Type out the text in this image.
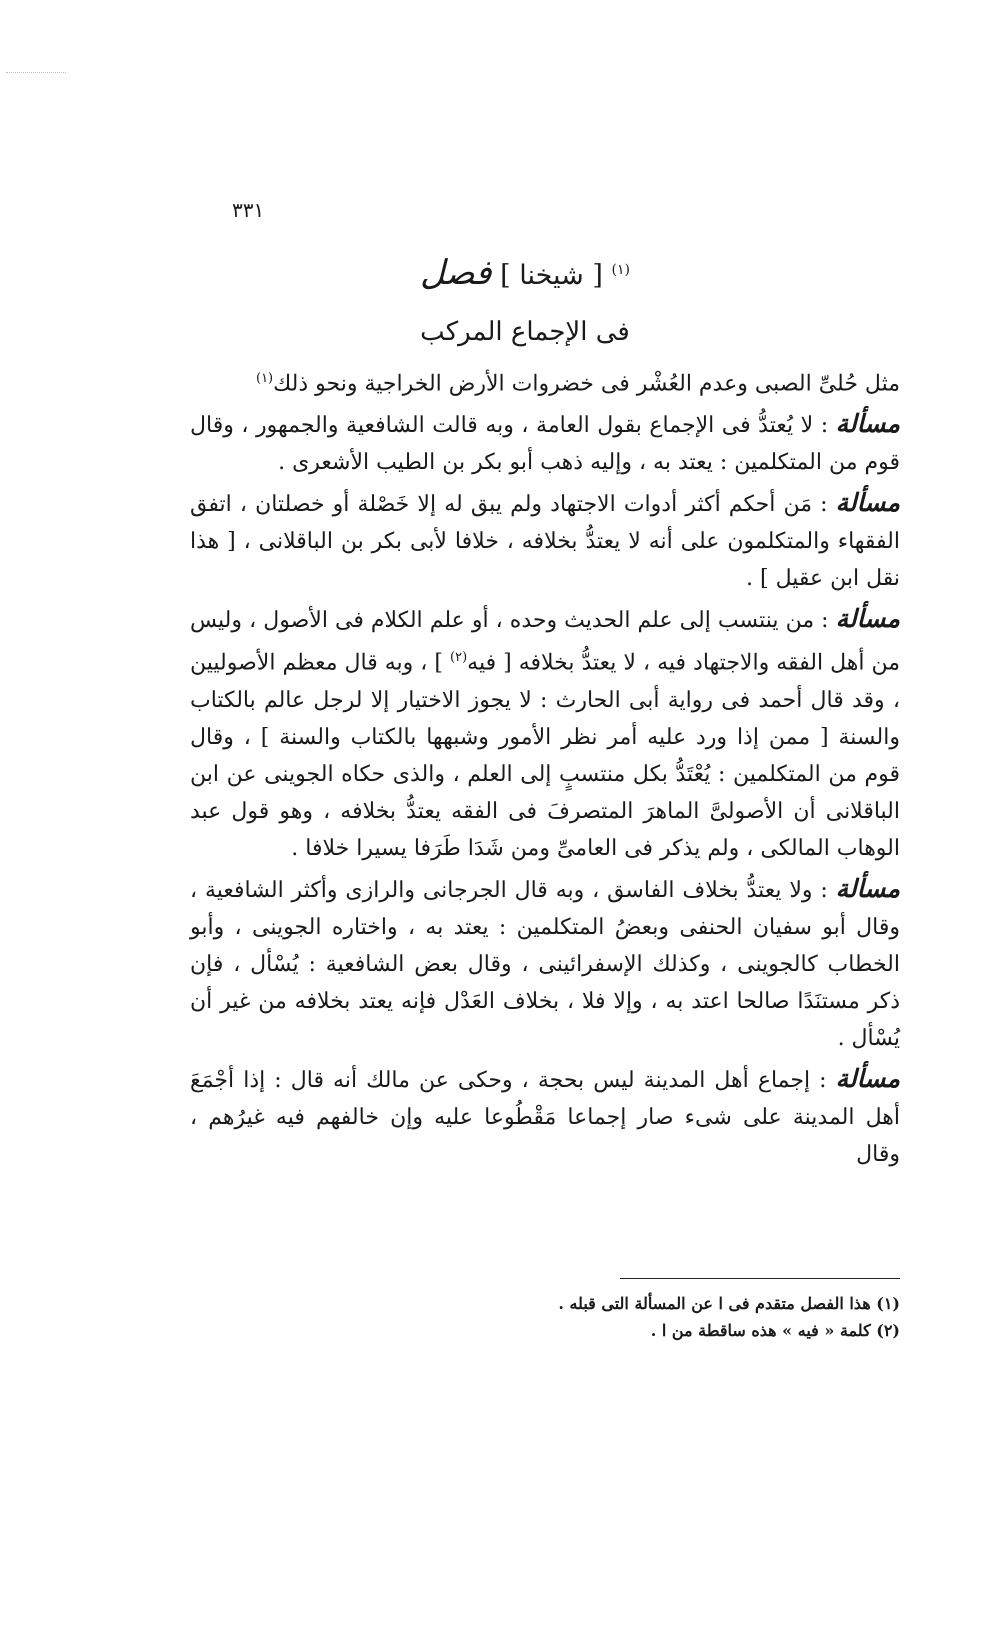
٣٣١
$^{(١)}$ [ شيخنا ] فصل
فى الإجماع المركب

مثل حُلىِّ الصبى وعدم العُشْر فى خضروات الأرض الخراجية ونحو ذلك$^{(١)}$

مسألة : لا يُعتدُّ فى الإجماع بقول العامة ، وبه قالت الشافعية والجمهور ، وقال قوم من المتكلمين : يعتد به ، وإليه ذهب أبو بكر بن الطيب الأشعرى .

مسألة : مَن أحكم أكثر أدوات الاجتهاد ولم يبق له إلا خَصْلة أو خصلتان ، اتفق الفقهاء والمتكلمون على أنه لا يعتدُّ بخلافه ، خلافا لأبى بكر بن الباقلانى ، [ هذا نقل ابن عقيل ] .

مسألة : من ينتسب إلى علم الحديث وحده ، أو علم الكلام فى الأصول ، وليس من أهل الفقه والاجتهاد فيه ، لا يعتدُّ بخلافه [ فيه$^{(٢)}$ ] ، وبه قال معظم الأصوليين ، وقد قال أحمد فى رواية أبى الحارث : لا يجوز الاختيار إلا لرجل عالم بالكتاب والسنة [ ممن إذا ورد عليه أمر نظر الأمور وشبهها بالكتاب والسنة ] ، وقال قوم من المتكلمين : يُعْتَدُّ بكل منتسبٍ إلى العلم ، والذى حكاه الجوينى عن ابن الباقلانى أن الأصولىَّ الماهرَ المتصرفَ فى الفقه يعتدُّ بخلافه ، وهو قول عبد الوهاب المالكى ، ولم يذكر فى العامىِّ ومن شَدَا طَرَفا يسيرا خلافا .

مسألة : ولا يعتدُّ بخلاف الفاسق ، وبه قال الجرجانى والرازى وأكثر الشافعية ، وقال أبو سفيان الحنفى وبعضُ المتكلمين : يعتد به ، واختاره الجوينى ، وأبو الخطاب كالجوينى ، وكذلك الإسفرائينى ، وقال بعض الشافعية : يُسْأل ، فإن ذكر مستنَدًا صالحا اعتد به ، وإلا فلا ، بخلاف العَدْل فإنه يعتد بخلافه من غير أن يُسْأل .

مسألة : إجماع أهل المدينة ليس بحجة ، وحكى عن مالك أنه قال : إذا أجْمَعَ أهل المدينة على شىء صار إجماعا مَقْطُوعا عليه وإن خالفهم فيه غيرُهم ، وقال

(١) هذا الفصل متقدم فى ا عن المسألة التى قبله .

(٢) كلمة « فيه » هذه ساقطة من ا .
